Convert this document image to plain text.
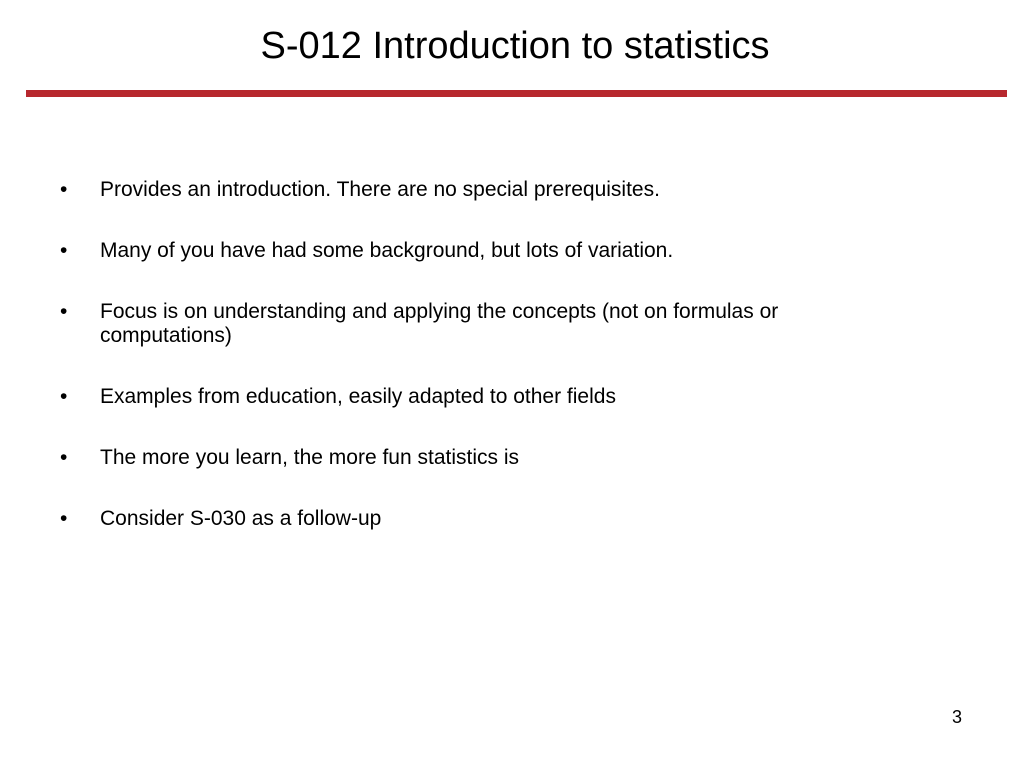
S-012 Introduction to statistics
•	Provides an introduction. There are no special prerequisites.
•	Many of you have had some background, but lots of variation.
•	Focus is on understanding and applying the concepts (not on formulas or computations)
•	Examples from education, easily adapted to other fields
•	The more you learn, the more fun statistics is
•	Consider S-030 as a follow-up
3
